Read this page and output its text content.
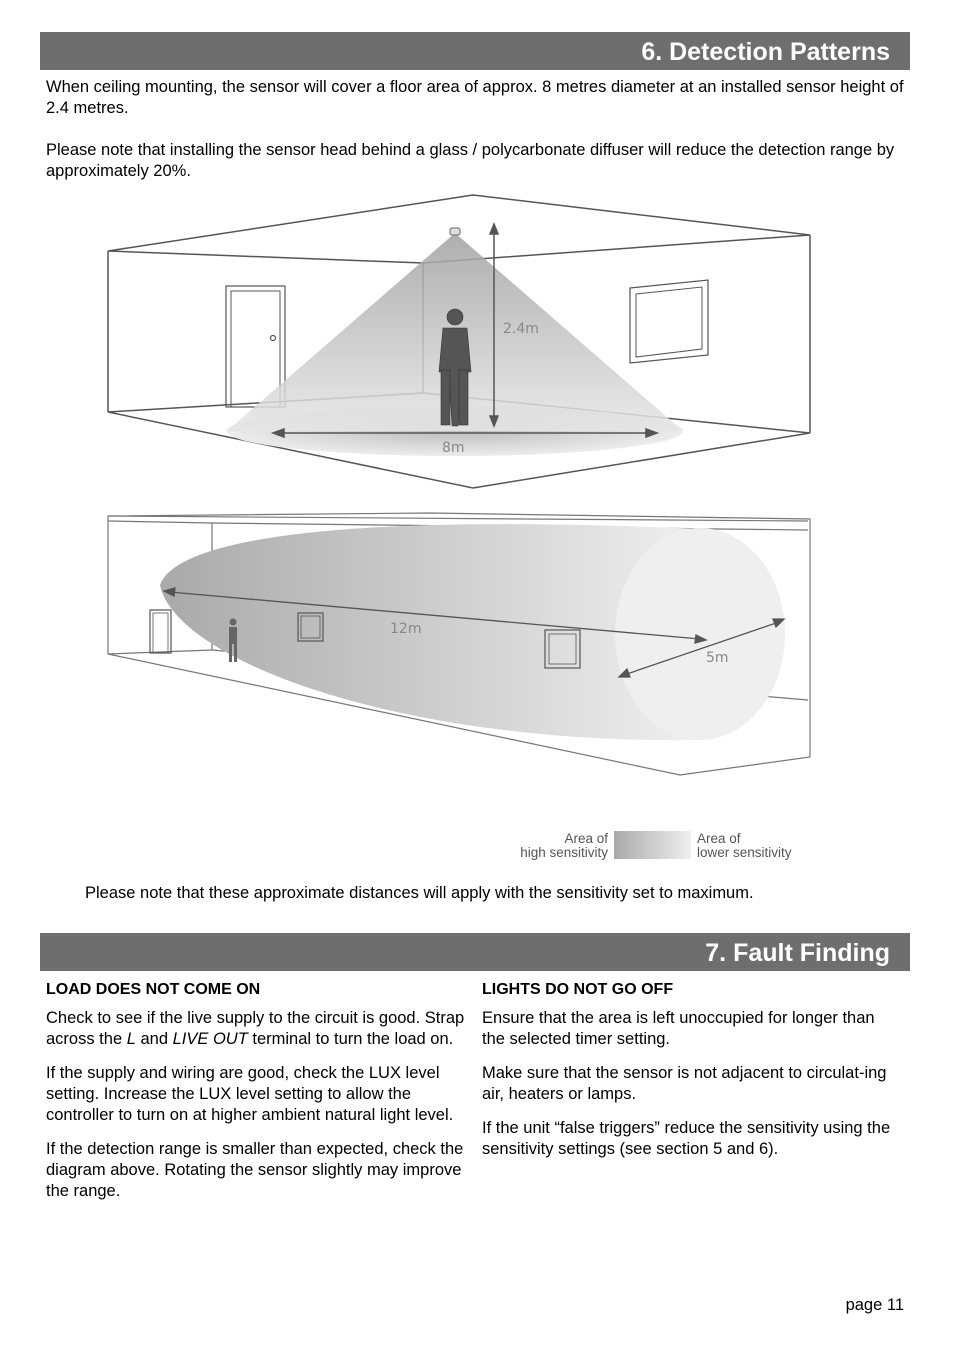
6. Detection Patterns

When ceiling mounting, the sensor will cover a floor area of approx. 8 metres diameter at an installed sensor height of 2.4 metres.

Please note that installing the sensor head behind a glass / polycarbonate diffuser will reduce the detection range by approximately 20%.

2.4m
8m
12m
5m
Area of
high sensitivity
Area of
lower sensitivity

Please note that these approximate distances will apply with the sensitivity set to maximum.

7. Fault Finding
LOAD DOES NOT COME ON

Check to see if the live supply to the circuit is good. Strap across the L and LIVE OUT terminal to turn the load on.

If the supply and wiring are good, check the LUX level setting. Increase the LUX level setting to allow the controller to turn on at higher ambient natural light level.

If the detection range is smaller than expected, check the diagram above. Rotating the sensor slightly may improve the range.

LIGHTS DO NOT GO OFF

Ensure that the area is left unoccupied for longer than the selected timer setting.

Make sure that the sensor is not adjacent to circulat-ing air, heaters or lamps.

If the unit “false triggers” reduce the sensitivity using the sensitivity settings (see section 5 and 6).

page 11
